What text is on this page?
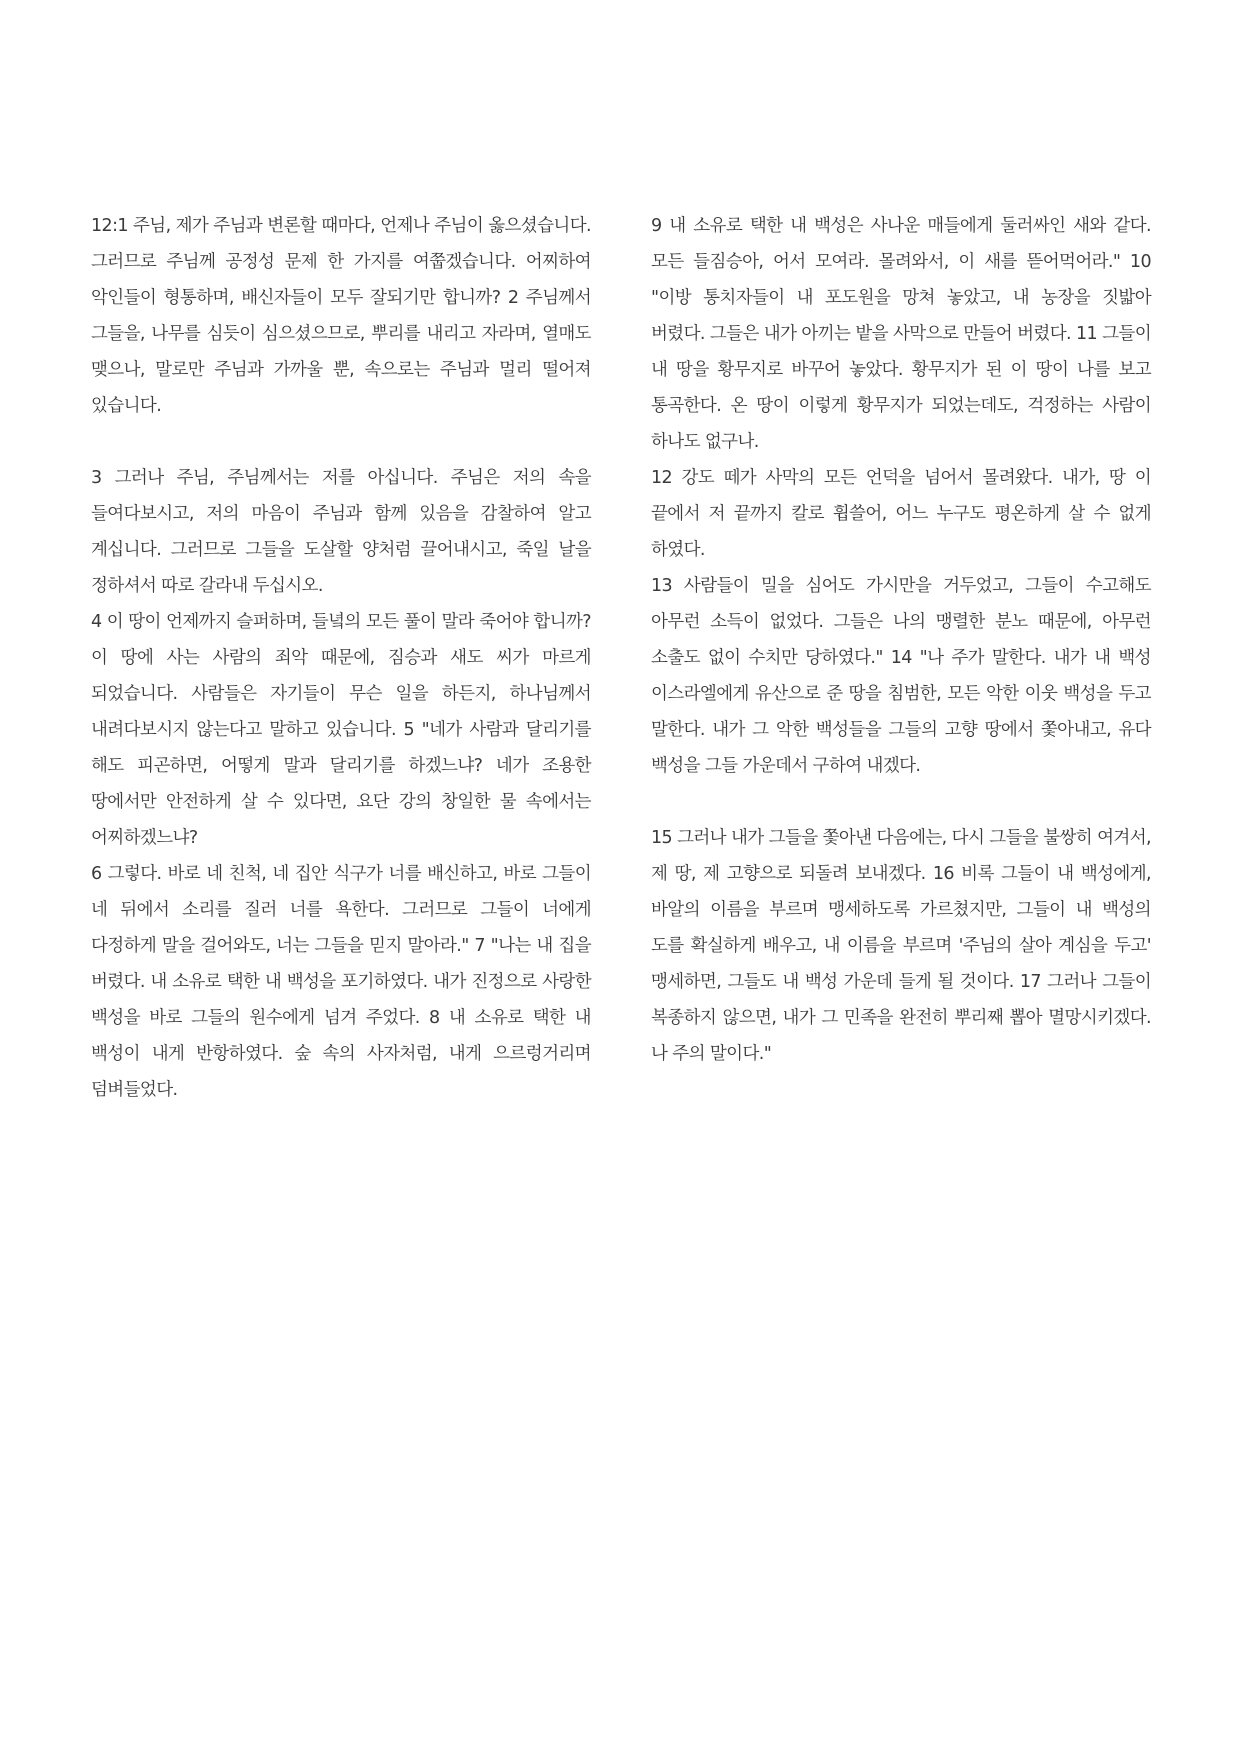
12:1 주님, 제가 주님과 변론할 때마다, 언제나 주님이 옳으셨습니다. 그러므로 주님께 공정성 문제 한 가지를 여쭙겠습니다. 어찌하여 악인들이 형통하며, 배신자들이 모두 잘되기만 합니까? 2 주님께서 그들을, 나무를 심듯이 심으셨으므로, 뿌리를 내리고 자라며, 열매도 맺으나, 말로만 주님과 가까울 뿐, 속으로는 주님과 멀리 떨어져 있습니다.

3 그러나 주님, 주님께서는 저를 아십니다. 주님은 저의 속을 들여다보시고, 저의 마음이 주님과 함께 있음을 감찰하여 알고 계십니다. 그러므로 그들을 도살할 양처럼 끌어내시고, 죽일 날을 정하셔서 따로 갈라내 두십시오.

4 이 땅이 언제까지 슬퍼하며, 들녘의 모든 풀이 말라 죽어야 합니까? 이 땅에 사는 사람의 죄악 때문에, 짐승과 새도 씨가 마르게 되었습니다. 사람들은 자기들이 무슨 일을 하든지, 하나님께서 내려다보시지 않는다고 말하고 있습니다. 5 "네가 사람과 달리기를 해도 피곤하면, 어떻게 말과 달리기를 하겠느냐? 네가 조용한 땅에서만 안전하게 살 수 있다면, 요단 강의 창일한 물 속에서는 어찌하겠느냐?

6 그렇다. 바로 네 친척, 네 집안 식구가 너를 배신하고, 바로 그들이 네 뒤에서 소리를 질러 너를 욕한다. 그러므로 그들이 너에게 다정하게 말을 걸어와도, 너는 그들을 믿지 말아라." 7 "나는 내 집을 버렸다. 내 소유로 택한 내 백성을 포기하였다. 내가 진정으로 사랑한 백성을 바로 그들의 원수에게 넘겨 주었다. 8 내 소유로 택한 내 백성이 내게 반항하였다. 숲 속의 사자처럼, 내게 으르렁거리며 덤벼들었다.

9 내 소유로 택한 내 백성은 사나운 매들에게 둘러싸인 새와 같다. 모든 들짐승아, 어서 모여라. 몰려와서, 이 새를 뜯어먹어라." 10 "이방 통치자들이 내 포도원을 망쳐 놓았고, 내 농장을 짓밟아 버렸다. 그들은 내가 아끼는 밭을 사막으로 만들어 버렸다. 11 그들이 내 땅을 황무지로 바꾸어 놓았다. 황무지가 된 이 땅이 나를 보고 통곡한다. 온 땅이 이렇게 황무지가 되었는데도, 걱정하는 사람이 하나도 없구나.

12 강도 떼가 사막의 모든 언덕을 넘어서 몰려왔다. 내가, 땅 이 끝에서 저 끝까지 칼로 휩쓸어, 어느 누구도 평온하게 살 수 없게 하였다.

13 사람들이 밀을 심어도 가시만을 거두었고, 그들이 수고해도 아무런 소득이 없었다. 그들은 나의 맹렬한 분노 때문에, 아무런 소출도 없이 수치만 당하였다." 14 "나 주가 말한다. 내가 내 백성 이스라엘에게 유산으로 준 땅을 침범한, 모든 악한 이웃 백성을 두고 말한다. 내가 그 악한 백성들을 그들의 고향 땅에서 쫓아내고, 유다 백성을 그들 가운데서 구하여 내겠다.

15 그러나 내가 그들을 쫓아낸 다음에는, 다시 그들을 불쌍히 여겨서, 제 땅, 제 고향으로 되돌려 보내겠다. 16 비록 그들이 내 백성에게, 바알의 이름을 부르며 맹세하도록 가르쳤지만, 그들이 내 백성의 도를 확실하게 배우고, 내 이름을 부르며 '주님의 살아 계심을 두고' 맹세하면, 그들도 내 백성 가운데 들게 될 것이다. 17 그러나 그들이 복종하지 않으면, 내가 그 민족을 완전히 뿌리째 뽑아 멸망시키겠다. 나 주의 말이다."
